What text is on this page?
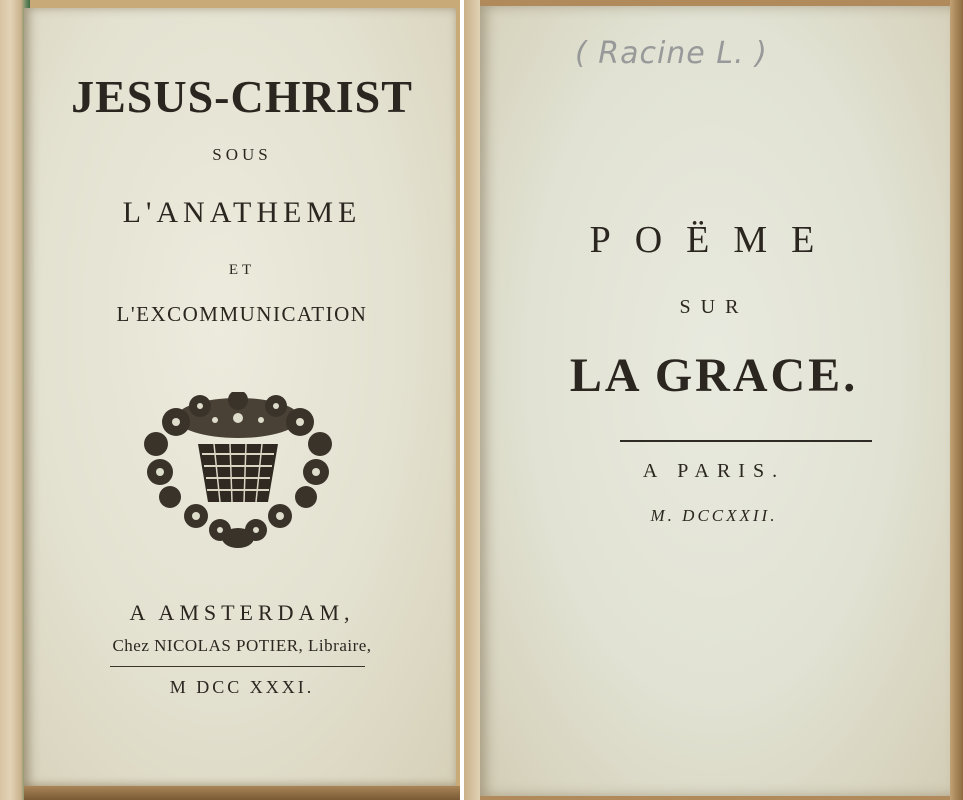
JESUS-CHRIST

SOUS

L'ANATHEME

ET

L'EXCOMMUNICATION

A AMSTERDAM,

Chez NICOLAS POTIER, Libraire,

M DCC XXXI.

( Racine L. )

POËME

SUR

LA GRACE.

A PARIS.

M. DCCXXII.
